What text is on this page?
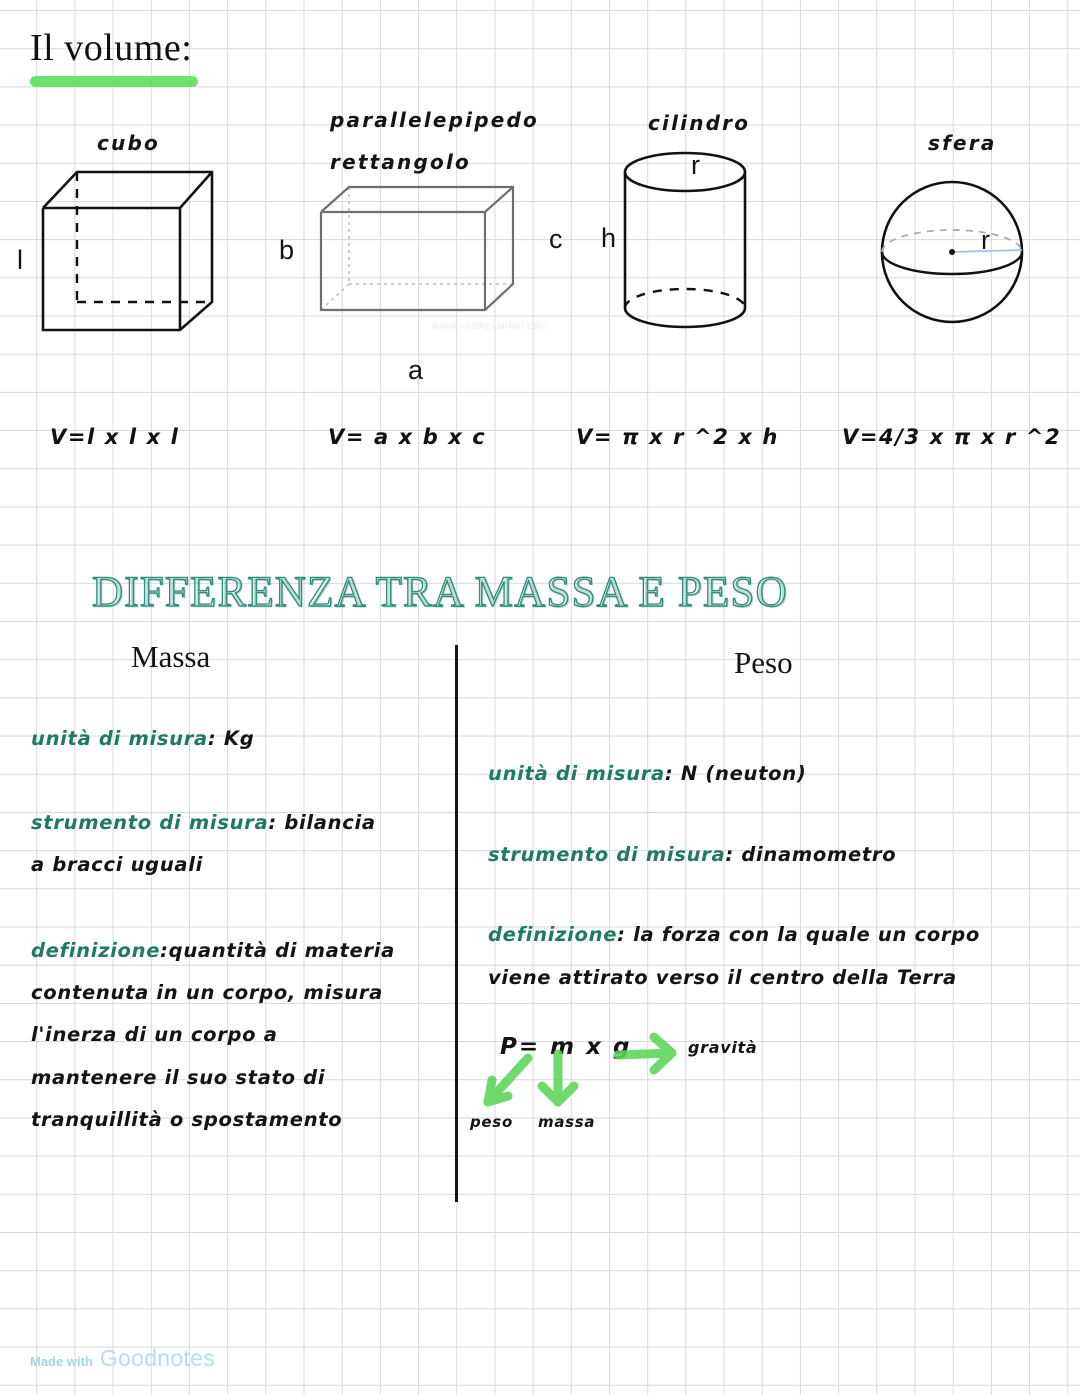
Il volume:
cubo
parallelepipedo
rettangolo
cilindro
sfera
l	b
a
c
WWW.ANDREAMINNI.ORG
r
h	r
V=l x l x l	V= a x b x c	V= π x r ^2 x h	V=4/3 x π x r ^2
DIFFERENZA TRA MASSA E PESO
Massa	Peso
unità di misura: Kg
strumento di misura: bilancia
a bracci uguali
definizione:quantità di materia
contenuta in un corpo, misura
l'inerza di un corpo a
mantenere il suo stato di
tranquillità o spostamento
unità di misura: N (neuton)
strumento di misura: dinamometro
definizione: la forza con la quale un corpo
viene attirato verso il centro della Terra
P= m x g
peso massa
gravità
Made with Goodnotes
